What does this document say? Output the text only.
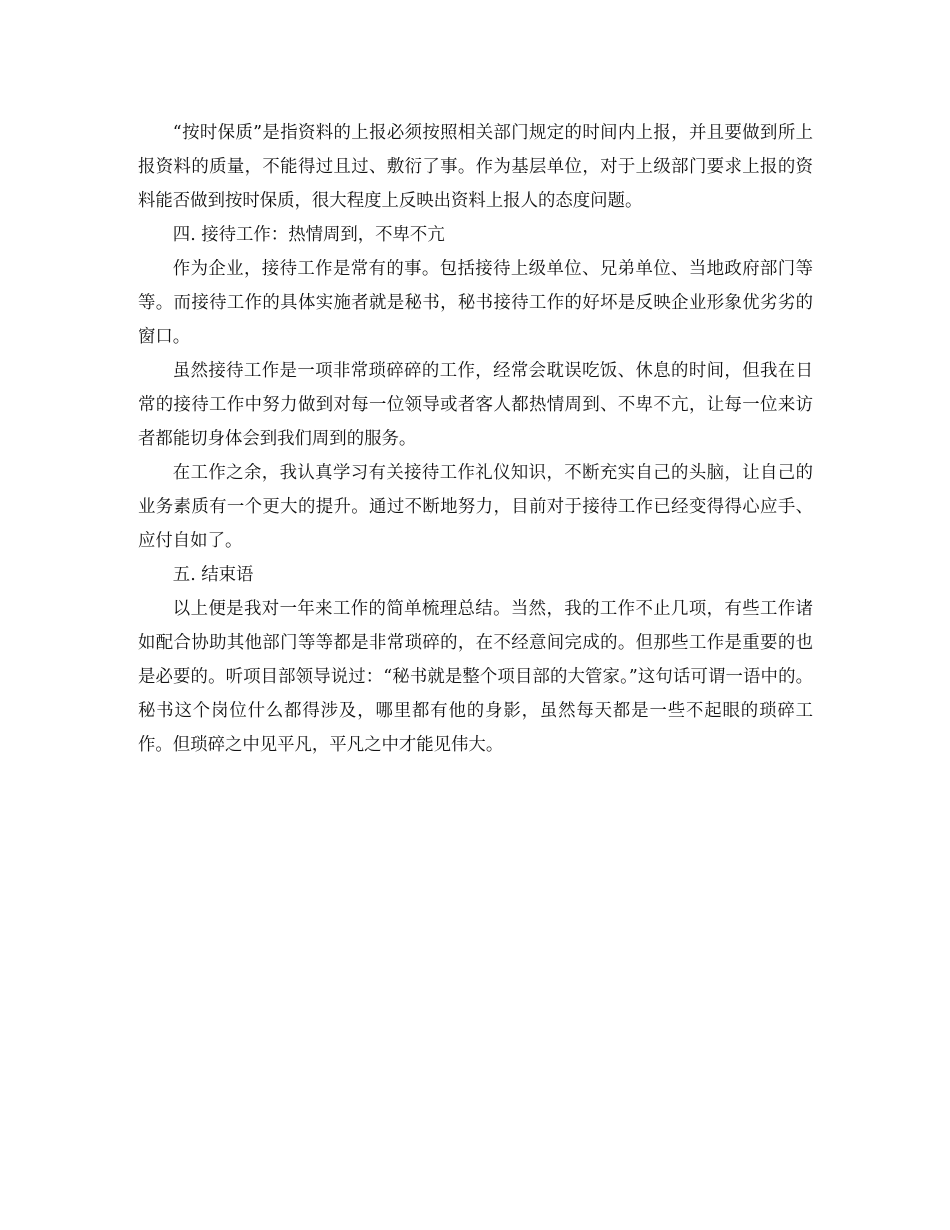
“按时保质”是指资料的上报必须按照相关部门规定的时间内上报，并且要做到所上报资料的质量，不能得过且过、敷衍了事。作为基层单位，对于上级部门要求上报的资料能否做到按时保质，很大程度上反映出资料上报人的态度问题。

四. 接待工作：热情周到，不卑不亢

作为企业，接待工作是常有的事。包括接待上级单位、兄弟单位、当地政府部门等等。而接待工作的具体实施者就是秘书，秘书接待工作的好坏是反映企业形象优劣劣的窗口。

虽然接待工作是一项非常琐碎碎的工作，经常会耽误吃饭、休息的时间，但我在日常的接待工作中努力做到对每一位领导或者客人都热情周到、不卑不亢，让每一位来访者都能切身体会到我们周到的服务。

在工作之余，我认真学习有关接待工作礼仪知识，不断充实自己的头脑，让自己的业务素质有一个更大的提升。通过不断地努力，目前对于接待工作已经变得得心应手、应付自如了。

五. 结束语

以上便是我对一年来工作的简单梳理总结。当然，我的工作不止几项，有些工作诸如配合协助其他部门等等都是非常琐碎的，在不经意间完成的。但那些工作是重要的也是必要的。听项目部领导说过：“秘书就是整个项目部的大管家。”这句话可谓一语中的。秘书这个岗位什么都得涉及，哪里都有他的身影，虽然每天都是一些不起眼的琐碎工作。但琐碎之中见平凡，平凡之中才能见伟大。
